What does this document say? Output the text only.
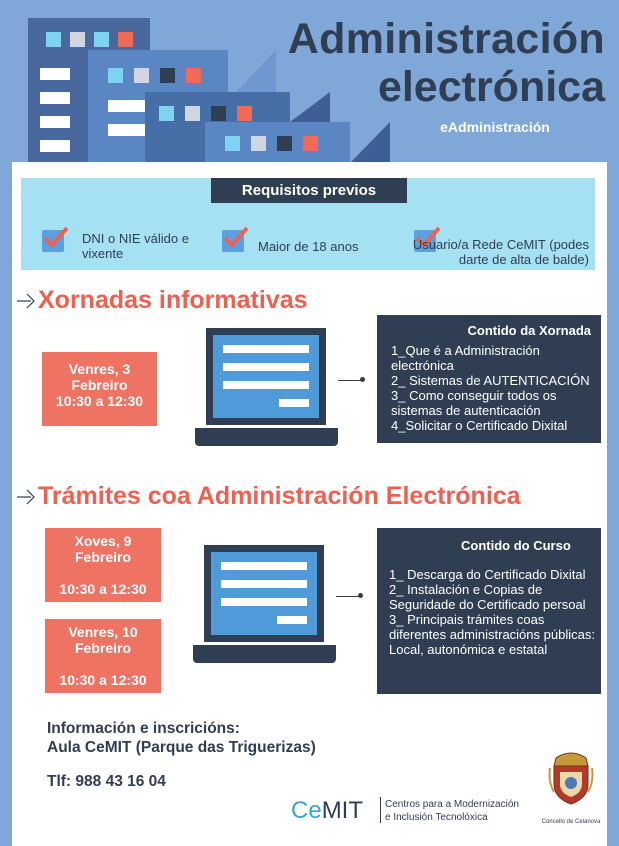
Administración
electrónica
eAdministración
Requisitos previos
DNI o NIE válido e vixente	Maior de 18 anos	Usuario/a Rede CeMIT (podes darte de alta de balde)
Xornadas informativas
Venres, 3
Febreiro
10:30 a 12:30
Contido da Xornada
1_Que é a Administración electrónica
2_ Sistemas de AUTENTICACIÓN
3_ Como conseguir todos os sistemas de autenticación
4_Solicitar o Certificado Dixital
Trámites coa Administración Electrónica
Xoves, 9
Febreiro
10:30 a 12:30
Venres, 10
Febreiro
10:30 a 12:30
Contido do Curso
1_ Descarga do Certificado Dixital
2_ Instalación e Copias de Seguridade do Certificado persoal
3_ Principais trámites coas diferentes administracións públicas: Local, autonómica e estatal
Información e inscricións:
Aula CeMIT (Parque das Triguerizas)
Tlf: 988 43 16 04
CeMIT Centros para a Modernización
e Inclusión Tecnolóxica	Concello de Celanova
